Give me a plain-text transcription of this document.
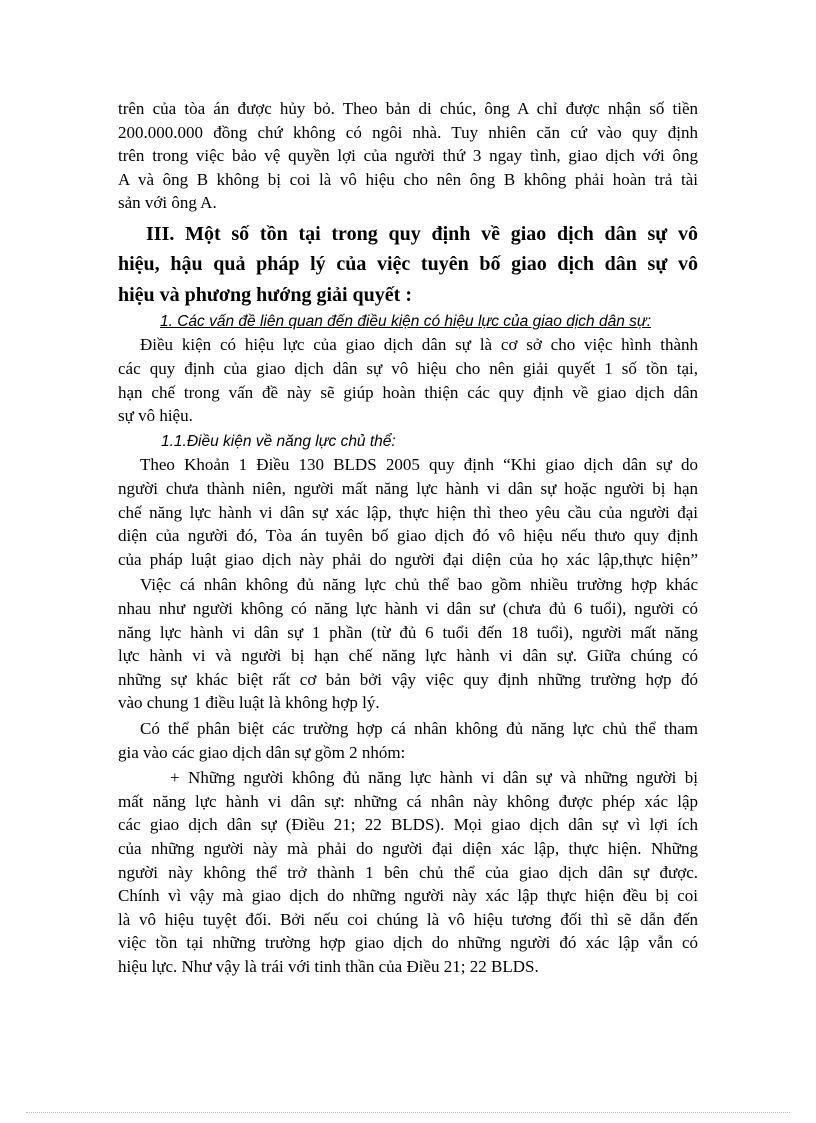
trên của tòa án được hủy bỏ. Theo bản di chúc, ông A chỉ được nhận số tiền
200.000.000 đồng chứ không có ngôi nhà. Tuy nhiên căn cứ vào quy định
trên trong việc bảo vệ quyền lợi của người thứ 3 ngay tình, giao dịch với ông
A và ông B không bị coi là vô hiệu cho nên ông B không phải hoàn trả tài
sản với ông A.
III. Một số tồn tại trong quy định về giao dịch dân sự vô
hiệu, hậu quả pháp lý của việc tuyên bố giao dịch dân sự vô
hiệu và phương hướng giải quyết :
1. Các vấn đề liên quan đến điều kiện có hiệu lực của giao dịch dân sự:
Điều kiện có hiệu lực của giao dịch dân sự là cơ sở cho việc hình thành
các quy định của giao dịch dân sự vô hiệu cho nên giải quyết 1 số tồn tại,
hạn chế trong vấn đề này sẽ giúp hoàn thiện các quy định về giao dịch dân
sự vô hiệu.
1.1.Điều kiện về năng lực chủ thể:
Theo Khoản 1 Điều 130 BLDS 2005 quy định “Khi giao dịch dân sự do
người chưa thành niên, người mất năng lực hành vi dân sự hoặc người bị hạn
chế năng lực hành vi dân sự xác lập, thực hiện thì theo yêu cầu của người đại
diện của người đó, Tòa án tuyên bố giao dịch đó vô hiệu nếu thưo quy định
của pháp luật giao dịch này phải do người đại diện của họ xác lập,thực hiện”
Việc cá nhân không đủ năng lực chủ thể bao gồm nhiều trường hợp khác
nhau như người không có năng lực hành vi dân sư (chưa đủ 6 tuổi), người có
năng lực hành vi dân sự 1 phần (từ đủ 6 tuổi đến 18 tuổi), người mất năng
lực hành vi và người bị hạn chế năng lực hành vi dân sự. Giữa chúng có
những sự khác biệt rất cơ bản bởi vậy việc quy định những trường hợp đó
vào chung 1 điều luật là không hợp lý.
Có thể phân biệt các trường hợp cá nhân không đủ năng lực chủ thể tham
gia vào các giao dịch dân sự gồm 2 nhóm:
+ Những người không đủ năng lực hành vi dân sự và những người bị
mất năng lực hành vi dân sự: những cá nhân này không được phép xác lập
các giao dịch dân sự (Điều 21; 22 BLDS). Mọi giao dịch dân sự vì lợi ích
của những người này mà phải do người đại diện xác lập, thực hiện. Những
người này không thể trở thành 1 bên chủ thể của giao dịch dân sự được.
Chính vì vậy mà giao dịch do những người này xác lập thực hiện đều bị coi
là vô hiệu tuyệt đối. Bởi nếu coi chúng là vô hiệu tương đối thì sẽ dẫn đến
việc tồn tại những trường hợp giao dịch do những người đó xác lập vẫn có
hiệu lực. Như vậy là trái với tinh thần của Điều 21; 22 BLDS.
